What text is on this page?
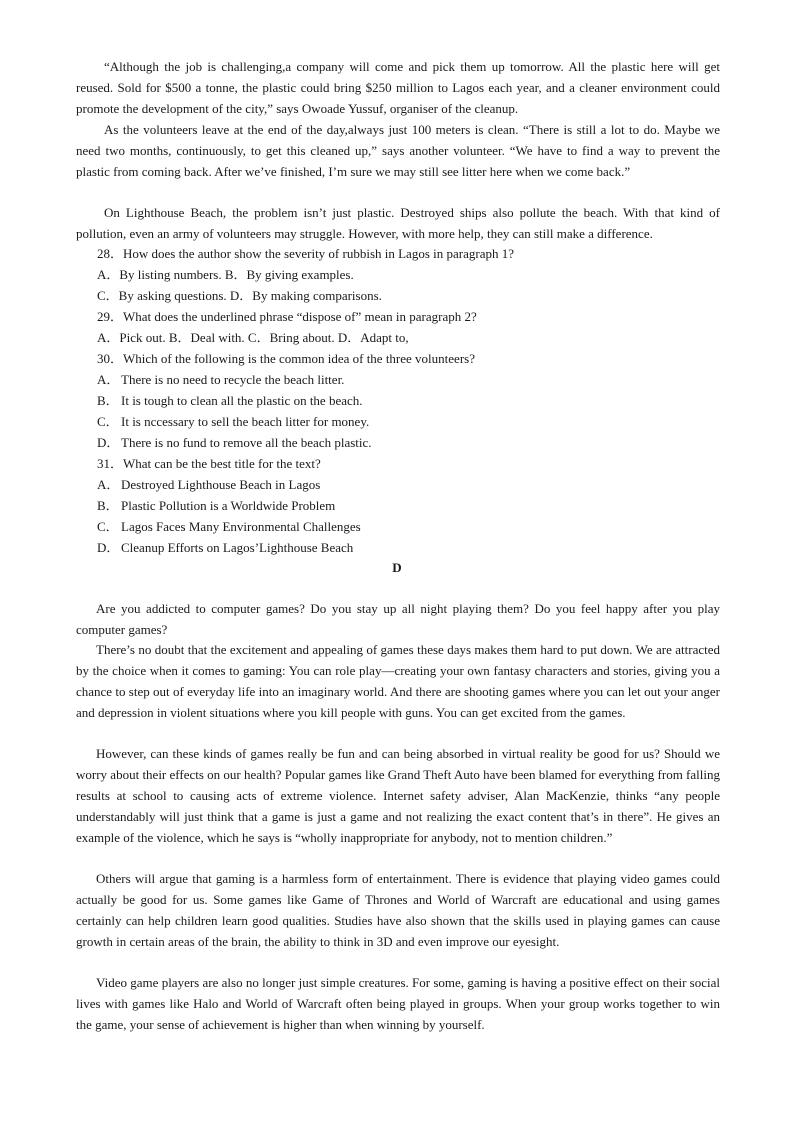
“Although the job is challenging,a company will come and pick them up tomorrow. All the plastic here will get reused. Sold for $500 a tonne, the plastic could bring $250 million to Lagos each year, and a cleaner environment could promote the development of the city,” says Owoade Yussuf, organiser of the cleanup.

As the volunteers leave at the end of the day,always just 100 meters is clean. “There is still a lot to do. Maybe we need two months, continuously, to get this cleaned up,” says another volunteer. “We have to find a way to prevent the plastic from coming back. After we’ve finished, I’m sure we may still see litter here when we come back.”

On Lighthouse Beach, the problem isn’t just plastic. Destroyed ships also pollute the beach. With that kind of pollution, even an army of volunteers may struggle. However, with more help, they can still make a difference.

28．How does the author show the severity of rubbish in Lagos in paragraph 1?

A．By listing numbers. B．By giving examples.

C．By asking questions. D．By making comparisons.

29．What does the underlined phrase “dispose of” mean in paragraph 2?

A．Pick out. B．Deal with. C．Bring about. D．Adapt to,

30．Which of the following is the common idea of the three volunteers?

A． There is no need to recycle the beach litter.

B． It is tough to clean all the plastic on the beach.

C． It is nccessary to sell the beach litter for money.

D． There is no fund to remove all the beach plastic.

31．What can be the best title for the text?

A． Destroyed Lighthouse Beach in Lagos

B． Plastic Pollution is a Worldwide Problem

C． Lagos Faces Many Environmental Challenges

D． Cleanup Efforts on Lagos’Lighthouse Beach

D

Are you addicted to computer games? Do you stay up all night playing them? Do you feel happy after you play computer games?

There’s no doubt that the excitement and appealing of games these days makes them hard to put down. We are attracted by the choice when it comes to gaming: You can role play—creating your own fantasy characters and stories, giving you a chance to step out of everyday life into an imaginary world. And there are shooting games where you can let out your anger and depression in violent situations where you kill people with guns. You can get excited from the games.

However, can these kinds of games really be fun and can being absorbed in virtual reality be good for us? Should we worry about their effects on our health? Popular games like Grand Theft Auto have been blamed for everything from falling results at school to causing acts of extreme violence. Internet safety adviser, Alan MacKenzie, thinks “any people understandably will just think that a game is just a game and not realizing the exact content that’s in there”. He gives an example of the violence, which he says is “wholly inappropriate for anybody, not to mention children.”

Others will argue that gaming is a harmless form of entertainment. There is evidence that playing video games could actually be good for us. Some games like Game of Thrones and World of Warcraft are educational and using games certainly can help children learn good qualities. Studies have also shown that the skills used in playing games can cause growth in certain areas of the brain, the ability to think in 3D and even improve our eyesight.

Video game players are also no longer just simple creatures. For some, gaming is having a positive effect on their social lives with games like Halo and World of Warcraft often being played in groups. When your group works together to win the game, your sense of achievement is higher than when winning by yourself.
